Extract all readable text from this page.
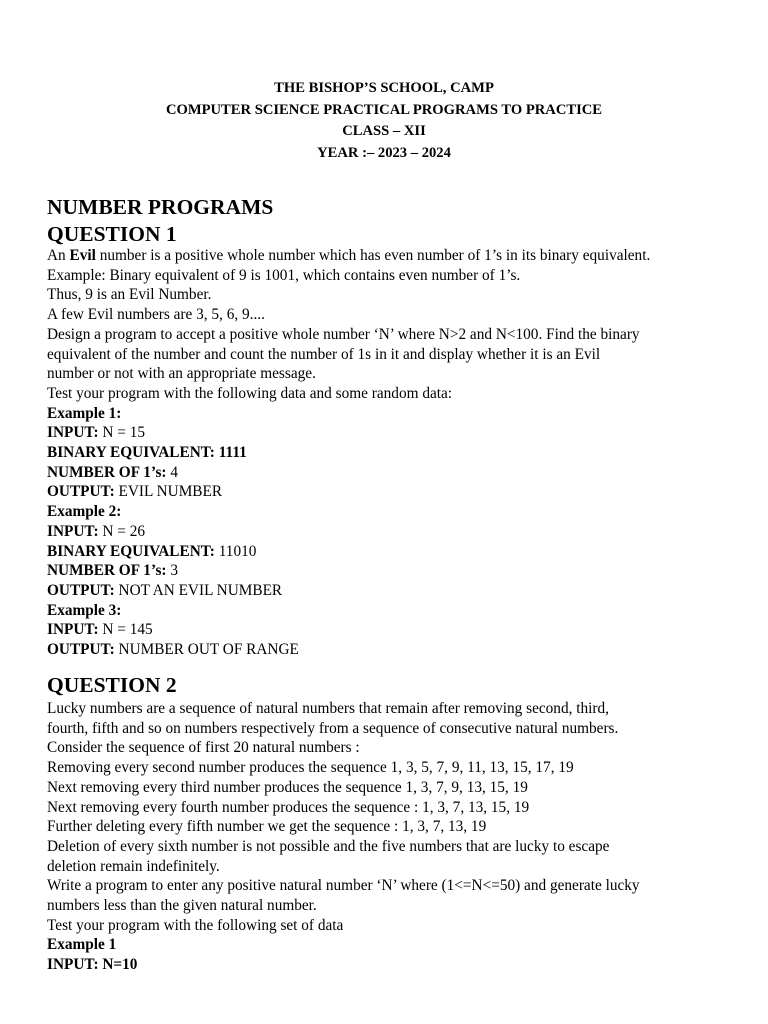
THE BISHOP’S SCHOOL, CAMP
COMPUTER SCIENCE PRACTICAL PROGRAMS TO PRACTICE
CLASS – XII
YEAR :– 2023 – 2024
NUMBER PROGRAMS
QUESTION 1
An Evil number is a positive whole number which has even number of 1’s in its binary equivalent.
Example: Binary equivalent of 9 is 1001, which contains even number of 1’s.
Thus, 9 is an Evil Number.
A few Evil numbers are 3, 5, 6, 9....
Design a program to accept a positive whole number ‘N’ where N>2 and N<100. Find the binary
equivalent of the number and count the number of 1s in it and display whether it is an Evil
number or not with an appropriate message.
Test your program with the following data and some random data:
Example 1:
INPUT: N = 15
BINARY EQUIVALENT: 1111
NUMBER OF 1’s: 4
OUTPUT: EVIL NUMBER
Example 2:
INPUT: N = 26
BINARY EQUIVALENT: 11010
NUMBER OF 1’s: 3
OUTPUT: NOT AN EVIL NUMBER
Example 3:
INPUT: N = 145
OUTPUT: NUMBER OUT OF RANGE
QUESTION 2
Lucky numbers are a sequence of natural numbers that remain after removing second, third,
fourth, fifth and so on numbers respectively from a sequence of consecutive natural numbers.
Consider the sequence of first 20 natural numbers :
Removing every second number produces the sequence 1, 3, 5, 7, 9, 11, 13, 15, 17, 19
Next removing every third number produces the sequence 1, 3, 7, 9, 13, 15, 19
Next removing every fourth number produces the sequence : 1, 3, 7, 13, 15, 19
Further deleting every fifth number we get the sequence : 1, 3, 7, 13, 19
Deletion of every sixth number is not possible and the five numbers that are lucky to escape
deletion remain indefinitely.
Write a program to enter any positive natural number ‘N’ where (1<=N<=50) and generate lucky
numbers less than the given natural number.
Test your program with the following set of data
Example 1
INPUT: N=10
